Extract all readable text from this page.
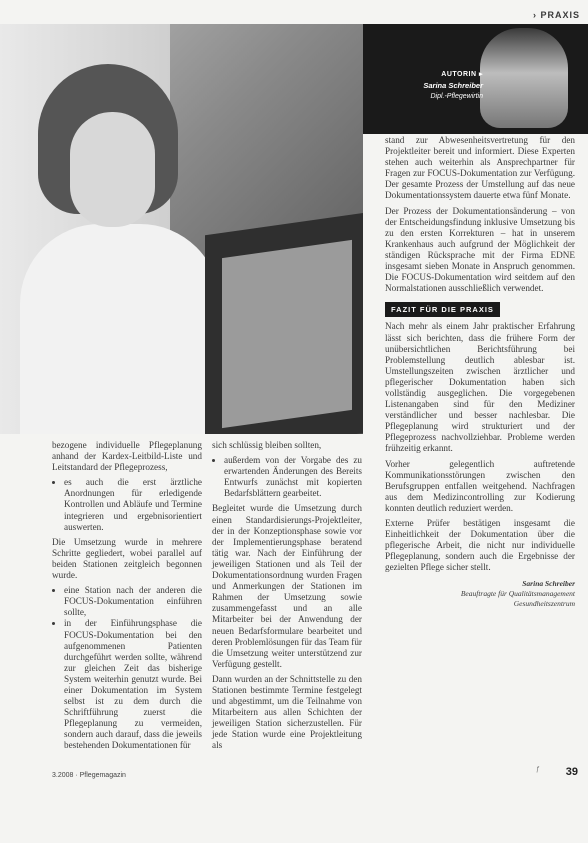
› PRAXIS
AUTORIN ▸
Sarina Schreiber
Dipl.-Pflegewirtin

stand zur Abwesenheitsvertretung für den Projektleiter bereit und informiert. Diese Experten stehen auch weiterhin als Ansprechpartner für Fragen zur FOCUS-Dokumentation zur Verfügung. Der gesamte Prozess der Umstellung auf das neue Dokumentationssystem dauerte etwa fünf Monate.

Der Prozess der Dokumentationsänderung – von der Entscheidungsfindung inklusive Umsetzung bis zu den ersten Korrekturen – hat in unserem Krankenhaus auch aufgrund der Möglichkeit der ständigen Rücksprache mit der Firma EDNE insgesamt sieben Monate in Anspruch genommen. Die FOCUS-Dokumentation wird seitdem auf den Normalstationen ausschließlich verwendet.

FAZIT FÜR DIE PRAXIS

Nach mehr als einem Jahr praktischer Erfahrung lässt sich berichten, dass die frühere Form der unübersichtlichen Berichtsführung bei Problemstellung deutlich ablesbar ist. Umstellungszeiten zwischen ärztlicher und pflegerischer Dokumentation haben sich vollständig ausgeglichen. Die vorgegebenen Listenangaben sind für den Mediziner verständlicher und besser nachlesbar. Die Pflegeplanung wird strukturiert und der Pflegeprozess nachvollziehbar. Probleme werden frühzeitig erkannt.

Vorher gelegentlich auftretende Kommunikationsstörungen zwischen den Berufsgruppen entfallen weitgehend. Nachfragen aus dem Medizincontrolling zur Kodierung konnten deutlich reduziert werden.

Externe Prüfer bestätigen insgesamt die Einheitlichkeit der Dokumentation über die pflegerische Arbeit, die nicht nur individuelle Pflegeplanung, sondern auch die Ergebnisse der gezielten Pflege sicher stellt.

Sarina Schreiber
Beauftragte für Qualitätsmanagement
Gesundheitszentrum

bezogene individuelle Pflegeplanung anhand der Kardex-Leitbild-Liste und Leitstandard der Pflegeprozess,

• es auch die erst ärztliche Anordnungen für erledigende Kontrollen und Abläufe und Termine integrieren und ergebnisorientiert auswerten.

Die Umsetzung wurde in mehrere Schritte gegliedert, wobei parallel auf beiden Stationen zeitgleich begonnen wurde.

• eine Station nach der anderen die FOCUS-Dokumentation einführen sollte,
• in der Einführungsphase die FOCUS-Dokumentation bei den aufgenommenen Patienten durchgeführt werden sollte, während zur gleichen Zeit das bisherige System weiterhin genutzt wurde. Bei einer Dokumentation im System selbst ist zu dem durch die Schriftführung zuerst die Pflegeplanung zu vermeiden, sondern auch darauf, dass die jeweils bestehenden Dokumentationen für

sich schlüssig bleiben sollten,

• außerdem von der Vorgabe des zu erwartenden Änderungen des Bereits Entwurfs zunächst mit kopierten Bedarfsblättern gearbeitet.

Begleitet wurde die Umsetzung durch einen Standardisierungs-Projektleiter, der in der Konzeptionsphase sowie vor der Implementierungsphase beratend tätig war. Nach der Einführung der jeweiligen Stationen und als Teil der Dokumentationsordnung wurden Fragen und Anmerkungen der Stationen im Rahmen der Umsetzung sowie zusammengefasst und an alle Mitarbeiter bei der Anwendung der neuen Bedarfsformulare bearbeitet und deren Problemlösungen für das Team für die Umsetzung weiter unterstützend zur Verfügung gestellt.

Dann wurden an der Schnittstelle zu den Stationen bestimmte Termine festgelegt und abgestimmt, um die Teilnahme von Mitarbeitern aus allen Schichten der jeweiligen Station sicherzustellen. Für jede Station wurde eine Projektleitung als

3.2008 · Pflegemagazin
ƒ 39
